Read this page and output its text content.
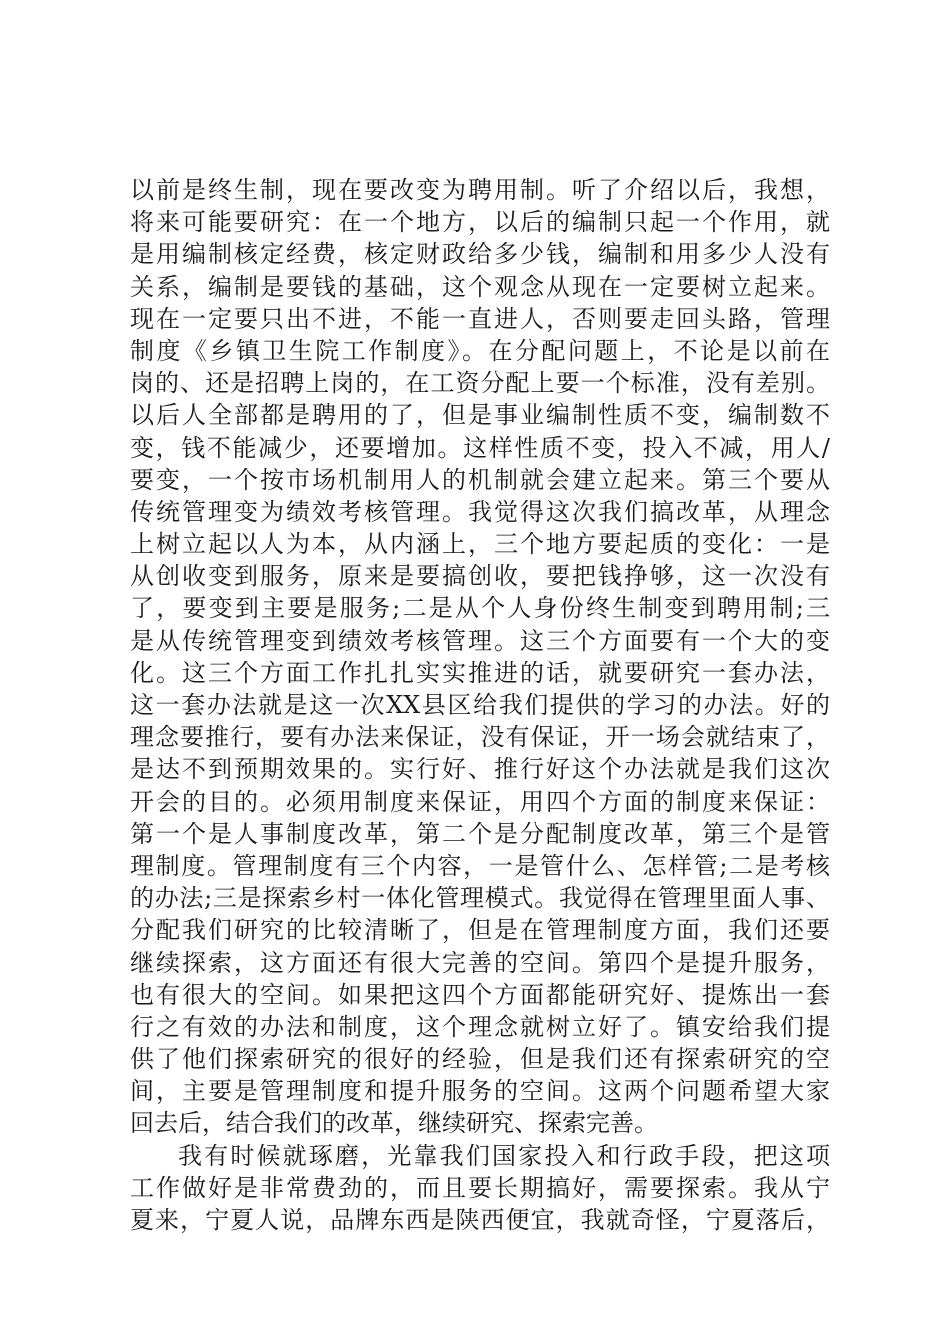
以前是终生制，现在要改变为聘用制。听了介绍以后，我想，
将来可能要研究：在一个地方，以后的编制只起一个作用，就
是用编制核定经费，核定财政给多少钱，编制和用多少人没有
关系，编制是要钱的基础，这个观念从现在一定要树立起来。
现在一定要只出不进，不能一直进人，否则要走回头路，管理
制度《乡镇卫生院工作制度》。在分配问题上，不论是以前在
岗的、还是招聘上岗的，在工资分配上要一个标准，没有差别。
以后人全部都是聘用的了，但是事业编制性质不变，编制数不
变，钱不能减少，还要增加。这样性质不变，投入不减，用人/
要变，一个按市场机制用人的机制就会建立起来。第三个要从
传统管理变为绩效考核管理。我觉得这次我们搞改革，从理念
上树立起以人为本，从内涵上，三个地方要起质的变化：一是
从创收变到服务，原来是要搞创收，要把钱挣够，这一次没有
了，要变到主要是服务;二是从个人身份终生制变到聘用制;三
是从传统管理变到绩效考核管理。这三个方面要有一个大的变
化。这三个方面工作扎扎实实推进的话，就要研究一套办法，
这一套办法就是这一次XX县区给我们提供的学习的办法。好的
理念要推行，要有办法来保证，没有保证，开一场会就结束了，
是达不到预期效果的。实行好、推行好这个办法就是我们这次
开会的目的。必须用制度来保证，用四个方面的制度来保证：
第一个是人事制度改革，第二个是分配制度改革，第三个是管
理制度。管理制度有三个内容，一是管什么、怎样管;二是考核
的办法;三是探索乡村一体化管理模式。我觉得在管理里面人事、
分配我们研究的比较清晰了，但是在管理制度方面，我们还要
继续探索，这方面还有很大完善的空间。第四个是提升服务，
也有很大的空间。如果把这四个方面都能研究好、提炼出一套
行之有效的办法和制度，这个理念就树立好了。镇安给我们提
供了他们探索研究的很好的经验，但是我们还有探索研究的空
间，主要是管理制度和提升服务的空间。这两个问题希望大家
回去后，结合我们的改革，继续研究、探索完善。
我有时候就琢磨，光靠我们国家投入和行政手段，把这项
工作做好是非常费劲的，而且要长期搞好，需要探索。我从宁
夏来，宁夏人说，品牌东西是陕西便宜，我就奇怪，宁夏落后，
